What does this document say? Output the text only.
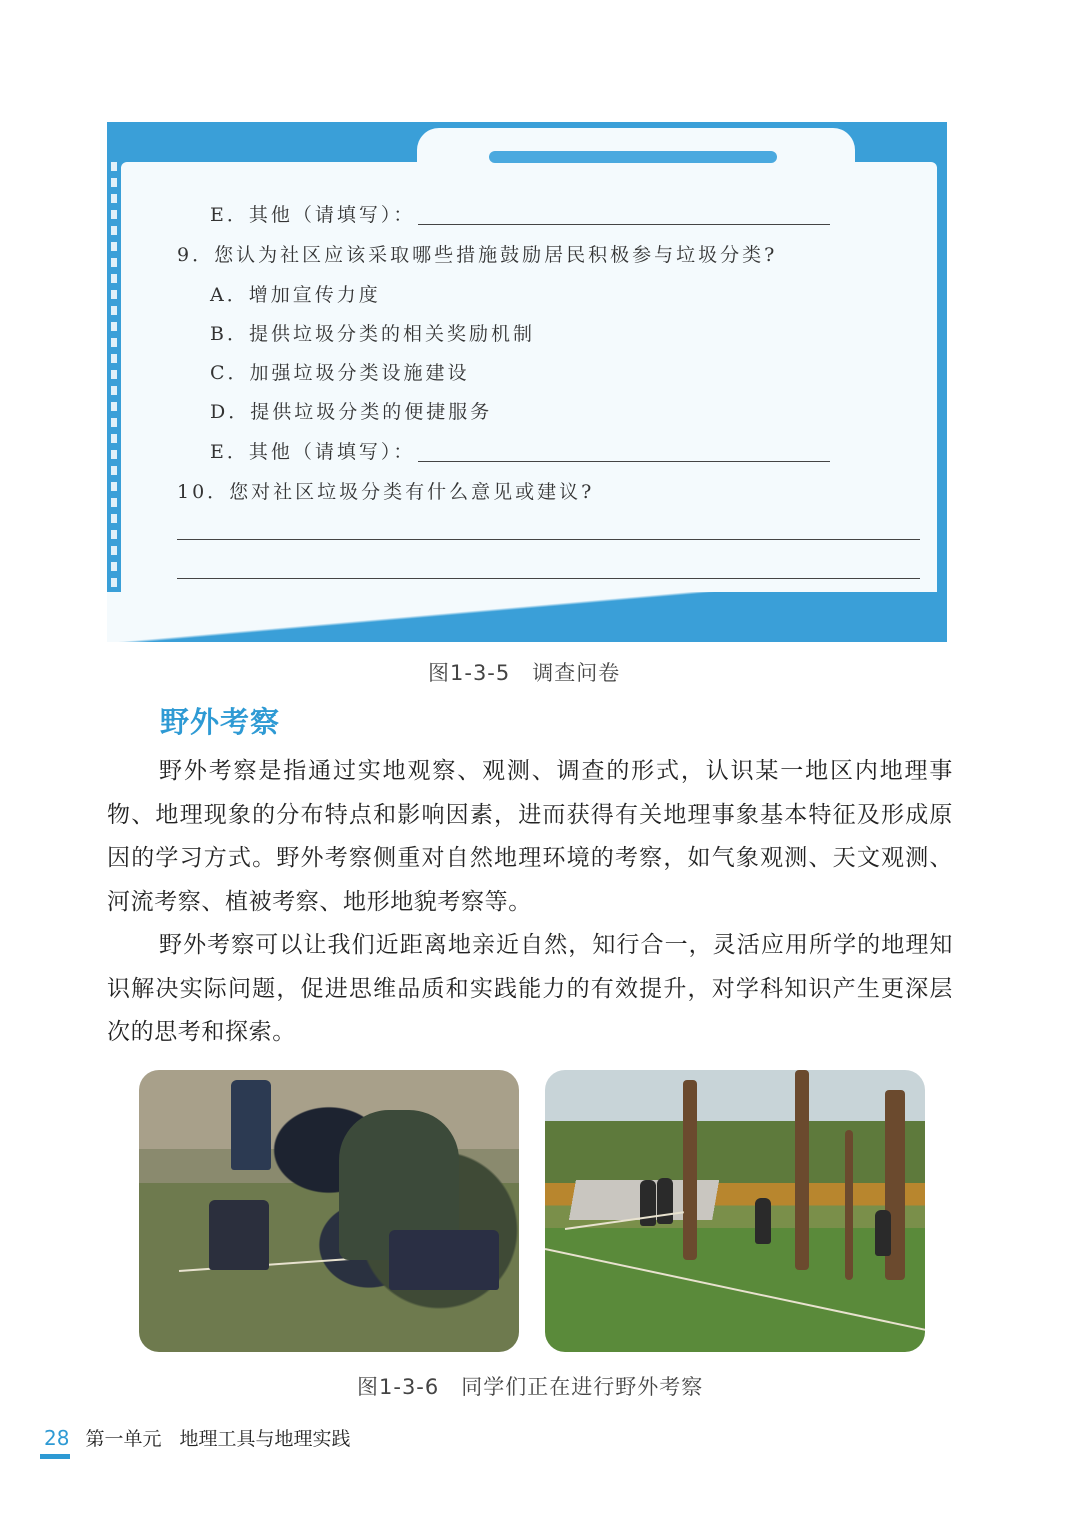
E．其他（请填写）：
9．您认为社区应该采取哪些措施鼓励居民积极参与垃圾分类?
A．增加宣传力度
B．提供垃圾分类的相关奖励机制
C．加强垃圾分类设施建设
D．提供垃圾分类的便捷服务
E．其他（请填写）：
10．您对社区垃圾分类有什么意见或建议?
图1-3-5 调查问卷
野外考察

野外考察是指通过实地观察、观测、调查的形式，认识某一地区内地理事物、地理现象的分布特点和影响因素，进而获得有关地理事象基本特征及形成原因的学习方式。野外考察侧重对自然地理环境的考察，如气象观测、天文观测、河流考察、植被考察、地形地貌考察等。

野外考察可以让我们近距离地亲近自然，知行合一，灵活应用所学的地理知识解决实际问题，促进思维品质和实践能力的有效提升，对学科知识产生更深层次的思考和探索。

图1-3-6 同学们正在进行野外考察
28 第一单元 地理工具与地理实践
